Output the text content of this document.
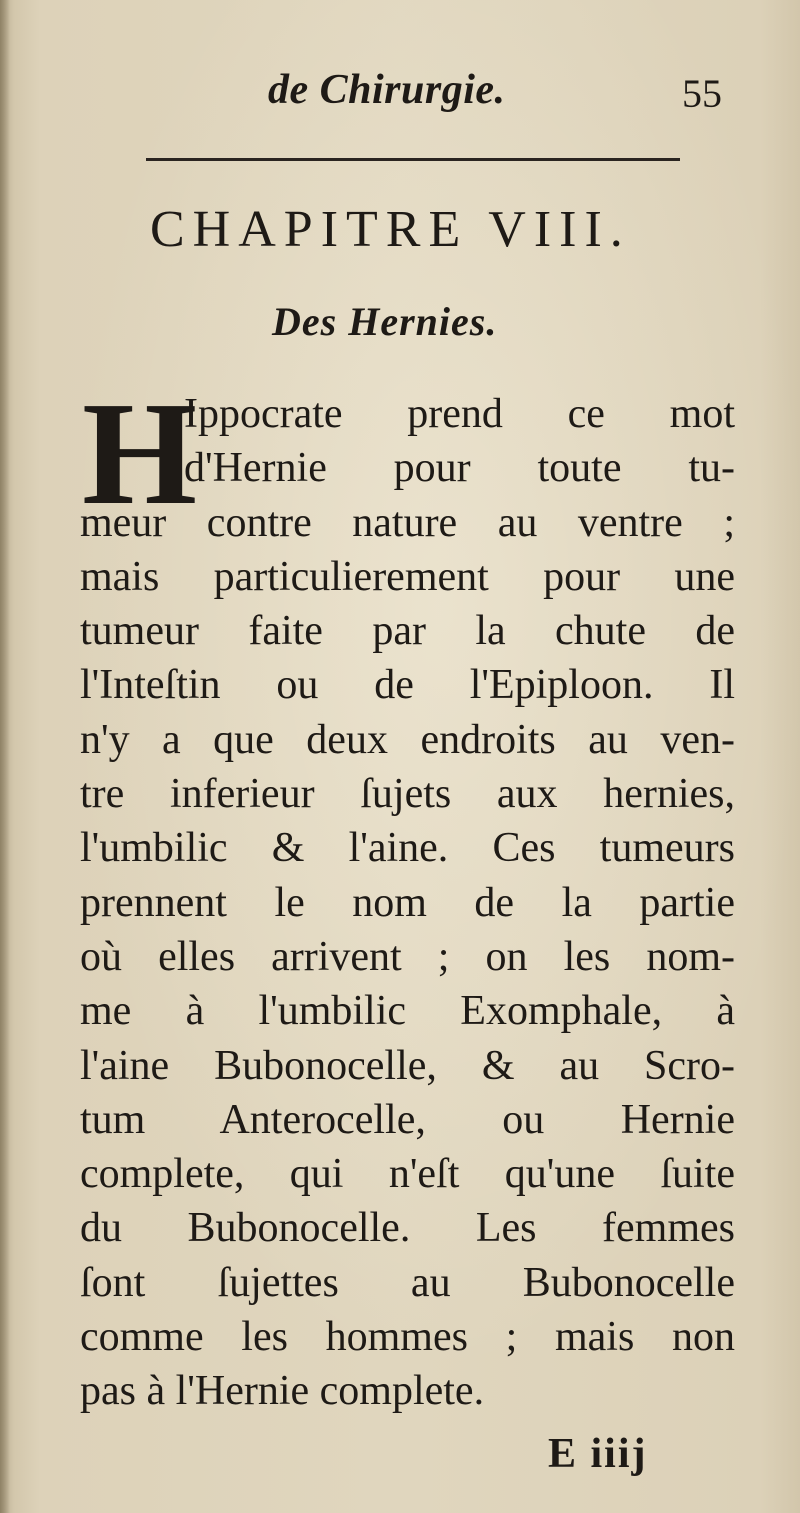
de Chirurgie.	55
CHAPITRE VIII.
Des Hernies.
H
Ippocrate prend ce mot
d'Hernie pour toute tu-
meur contre nature au ventre ;
mais particulierement pour une
tumeur faite par la chute de
l'Inteſtin ou de l'Epiploon. Il
n'y a que deux endroits au ven-
tre inferieur ſujets aux hernies,
l'umbilic & l'aine. Ces tumeurs
prennent le nom de la partie
où elles arrivent ; on les nom-
me à l'umbilic Exomphale, à
l'aine Bubonocelle, & au Scro-
tum Anterocelle, ou Hernie
complete, qui n'eſt qu'une ſuite
du Bubonocelle. Les femmes
ſont ſujettes au Bubonocelle
comme les hommes ; mais non
pas à l'Hernie complete.
E iiij
